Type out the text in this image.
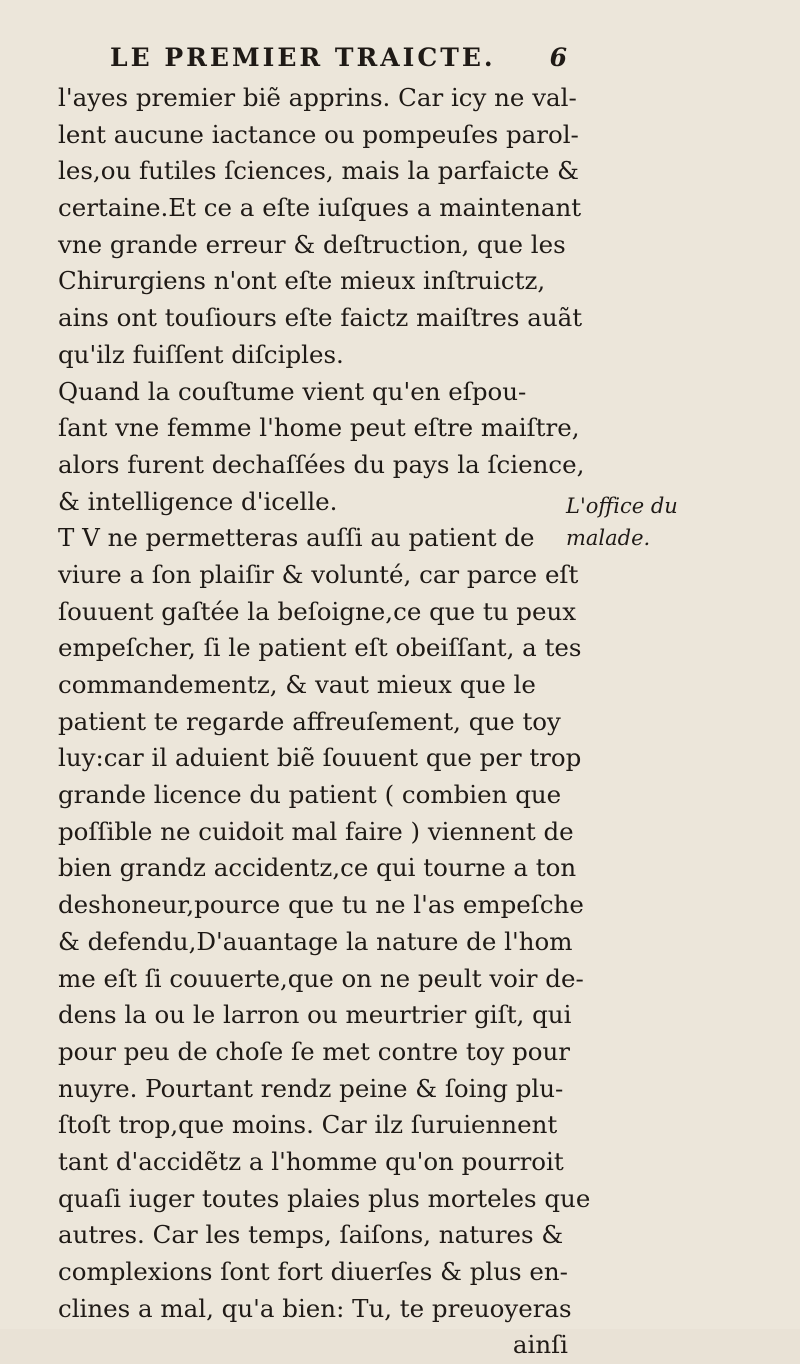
LE PREMIER TRAICTE. 6
l'ayes premier biẽ apprins. Car icy ne val-
lent aucune iactance ou pompeuſes parol-
les,ou futiles ſciences, mais la parfaicte &
certaine.Et ce a eſte iuſques a maintenant
vne grande erreur & deſtruction, que les
Chirurgiens n'ont eſte mieux inſtruictz,
ains ont touſiours eſte faictz maiſtres auãt
qu'ilz fuiſſent diſciples.
Quand la couſtume vient qu'en eſpou-
ſant vne femme l'home peut eſtre maiſtre,
alors furent dechaſſées du pays la ſcience,
& intelligence d'icelle.
T V ne permetteras auſſi au patient de
viure a ſon plaiſir & volunté, car parce eſt
ſouuent gaſtée la beſoigne,ce que tu peux
empeſcher, ſi le patient eſt obeiſſant, a tes
commandementz, & vaut mieux que le
patient te regarde affreuſement, que toy
luy:car il aduient biẽ ſouuent que per trop
grande licence du patient ( combien que
poſſible ne cuidoit mal faire ) viennent de
bien grandz accidentz,ce qui tourne a ton
deshoneur,pource que tu ne l'as empeſche
& defendu,D'auantage la nature de l'hom
me eſt ſi couuerte,que on ne peult voir de-
dens la ou le larron ou meurtrier giſt, qui
pour peu de choſe ſe met contre toy pour
nuyre. Pourtant rendz peine & ſoing plu-
ſtoſt trop,que moins. Car ilz ſuruiennent
tant d'accidẽtz a l'homme qu'on pourroit
quaſi iuger toutes plaies plus morteles que
autres. Car les temps, ſaiſons, natures &
complexions ſont fort diuerſes & plus en-
clines a mal, qu'a bien: Tu, te preuoyeras
ainſi
L'office du
malade.
